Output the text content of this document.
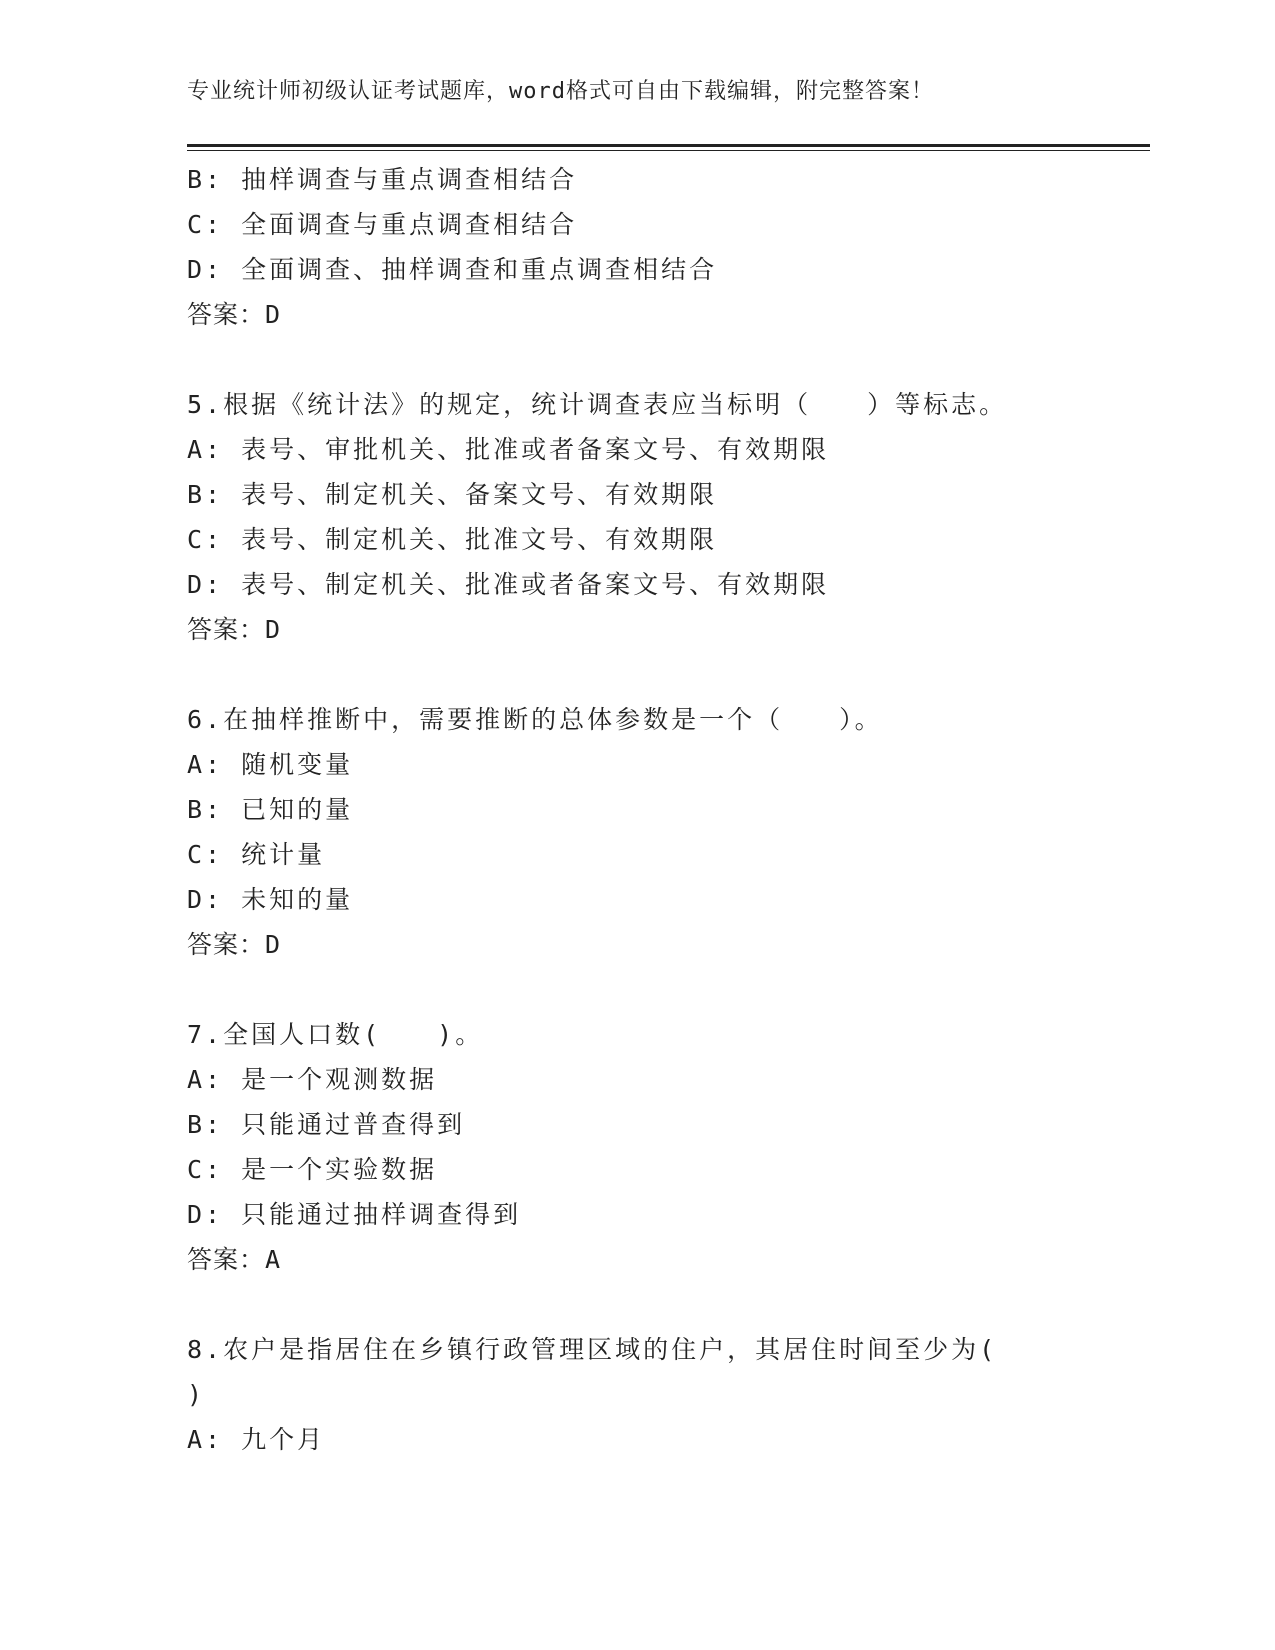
专业统计师初级认证考试题库，word格式可自由下载编辑，附完整答案！
B: 抽样调查与重点调查相结合
C: 全面调查与重点调查相结合
D: 全面调查、抽样调查和重点调查相结合
答案：D
5.根据《统计法》的规定，统计调查表应当标明（　　）等标志。
A: 表号、审批机关、批准或者备案文号、有效期限
B: 表号、制定机关、备案文号、有效期限
C: 表号、制定机关、批准文号、有效期限
D: 表号、制定机关、批准或者备案文号、有效期限
答案：D
6.在抽样推断中，需要推断的总体参数是一个（　　）。
A: 随机变量
B: 已知的量
C: 统计量
D: 未知的量
答案：D
7.全国人口数(　　)。
A: 是一个观测数据
B: 只能通过普查得到
C: 是一个实验数据
D: 只能通过抽样调查得到
答案：A
8.农户是指居住在乡镇行政管理区域的住户，其居住时间至少为( )
A: 九个月
